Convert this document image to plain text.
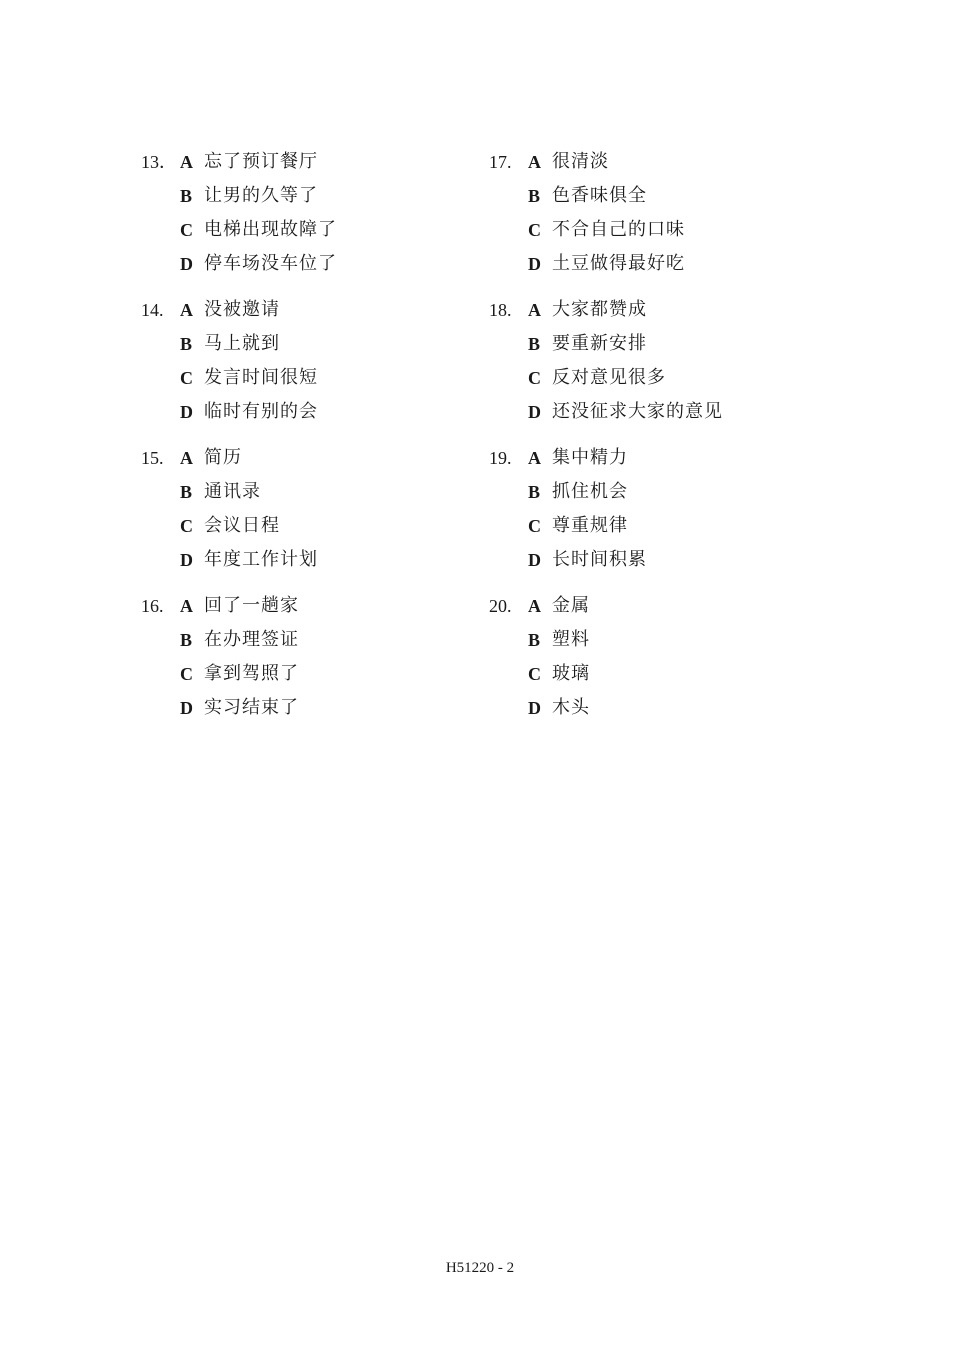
13． A 忘了预订餐厅
B 让男的久等了
C 电梯出现故障了
D 停车场没车位了
14. A 没被邀请
B 马上就到
C 发言时间很短
D 临时有别的会
15. A 简历
B 通讯录
C 会议日程
D 年度工作计划
16. A 回了一趟家
B 在办理签证
C 拿到驾照了
D 实习结束了
17. A 很清淡
B 色香味俱全
C 不合自己的口味
D 土豆做得最好吃
18. A 大家都赞成
B 要重新安排
C 反对意见很多
D 还没征求大家的意见
19. A 集中精力
B 抓住机会
C 尊重规律
D 长时间积累
20. A 金属
B 塑料
C 玻璃
D 木头
H51220 - 2
